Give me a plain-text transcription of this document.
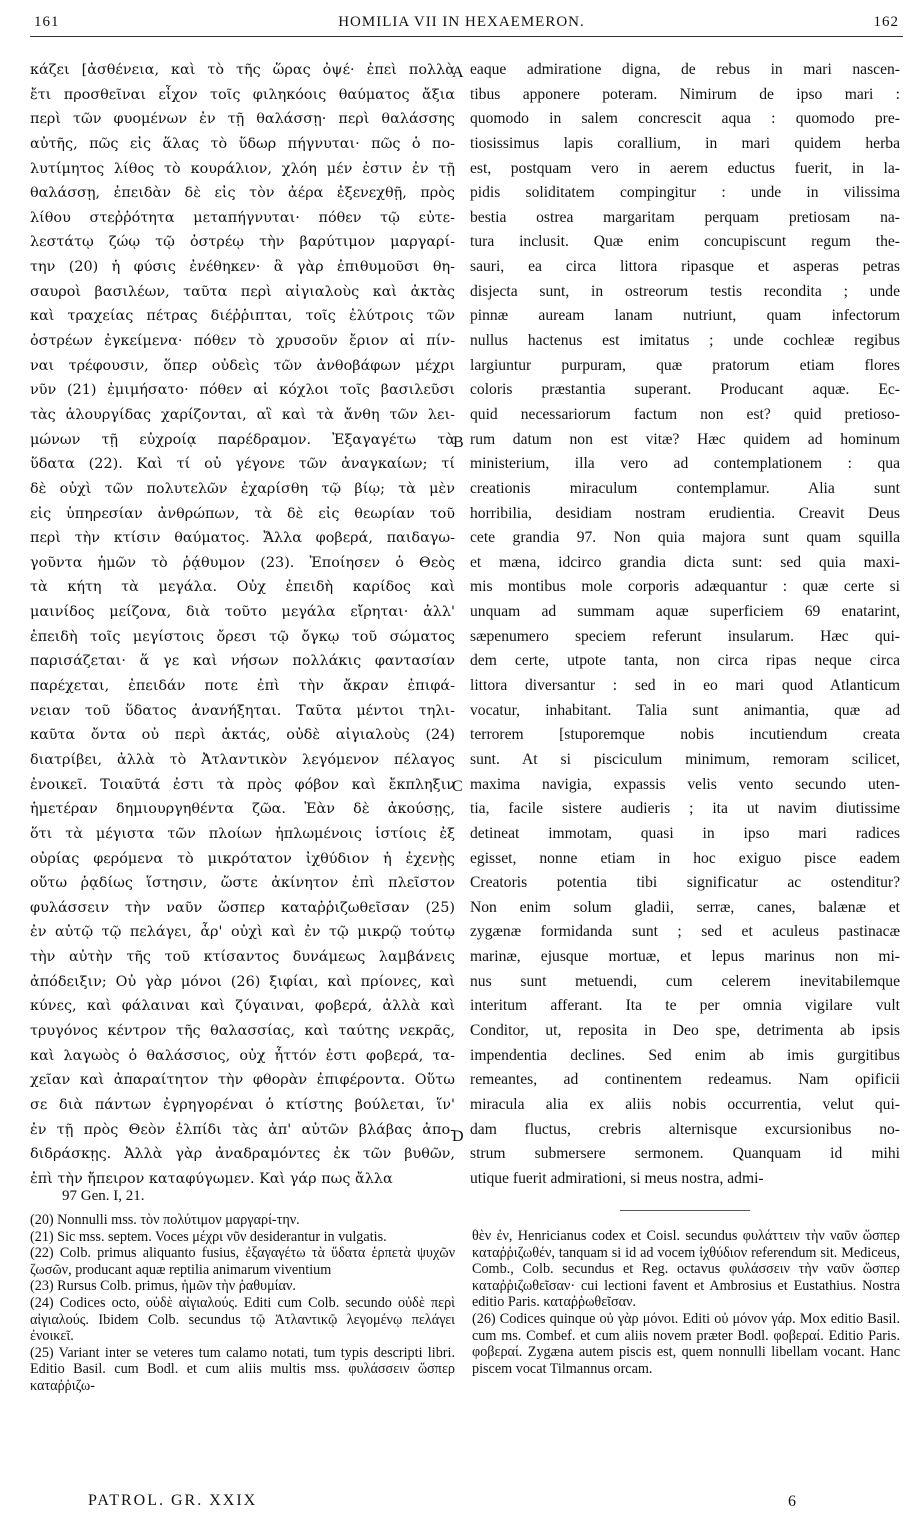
161	HOMILIA VII IN HEXAEMERON.	162
κάζει [ἀσθένεια, καὶ τὸ τῆς ὥρας ὀψέ· ἐπεὶ πολλὰ
ἔτι προσθεῖναι εἶχον τοῖς φιληκόοις θαύματος ἄξια
περὶ τῶν φυομένων ἐν τῇ θαλάσσῃ· περὶ θαλάσσης
αὐτῆς, πῶς εἰς ἅλας τὸ ὕδωρ πήγνυται· πῶς ὁ πο-
λυτίμητος λίθος τὸ κουράλιον, χλόη μέν ἐστιν ἐν τῇ
θαλάσσῃ, ἐπειδὰν δὲ εἰς τὸν ἀέρα ἐξενεχθῇ, πρὸς
λίθου στεῤῥότητα μεταπήγνυται· πόθεν τῷ εὐτε-
λεστάτῳ ζώῳ τῷ ὀστρέῳ τὴν βαρύτιμον μαργαρί-
την (20) ἡ φύσις ἐνέθηκεν· ἃ γὰρ ἐπιθυμοῦσι θη-
σαυροὶ βασιλέων, ταῦτα περὶ αἰγιαλοὺς καὶ ἀκτὰς
καὶ τραχείας πέτρας διέῤῥιπται, τοῖς ἐλύτροις τῶν
ὀστρέων ἐγκείμενα· πόθεν τὸ χρυσοῦν ἔριον αἱ πίν-
ναι τρέφουσιν, ὅπερ οὐδεὶς τῶν ἀνθοβάφων μέχρι
νῦν (21) ἐμιμήσατο· πόθεν αἱ κόχλοι τοῖς βασιλεῦσι
τὰς ἁλουργίδας χαρίζονται, αἳ καὶ τὰ ἄνθη τῶν λει-
μώνων τῇ εὐχροίᾳ παρέδραμον. Ἐξαγαγέτω τὰ
ὕδατα (22). Καὶ τί οὐ γέγονε τῶν ἀναγκαίων; τί
δὲ οὐχὶ τῶν πολυτελῶν ἐχαρίσθη τῷ βίῳ; τὰ μὲν
εἰς ὑπηρεσίαν ἀνθρώπων, τὰ δὲ εἰς θεωρίαν τοῦ
περὶ τὴν κτίσιν θαύματος. Ἄλλα φοβερά, παιδαγω-
γοῦντα ἡμῶν τὸ ῥᾴθυμον (23). Ἐποίησεν ὁ Θεὸς
τὰ κήτη τὰ μεγάλα. Οὐχ ἐπειδὴ καρίδος καὶ
μαινίδος μείζονα, διὰ τοῦτο μεγάλα εἴρηται· ἀλλ'
ἐπειδὴ τοῖς μεγίστοις ὄρεσι τῷ ὄγκῳ τοῦ σώματος
παρισάζεται· ἅ γε καὶ νήσων πολλάκις φαντασίαν
παρέχεται, ἐπειδάν ποτε ἐπὶ τὴν ἄκραν ἐπιφά-
νειαν τοῦ ὕδατος ἀνανήξηται. Ταῦτα μέντοι τηλι-
καῦτα ὄντα οὐ περὶ ἀκτάς, οὐδὲ αἰγιαλοὺς (24)
διατρίβει, ἀλλὰ τὸ Ἀτλαντικὸν λεγόμενον πέλαγος
ἐνοικεῖ. Τοιαῦτά ἐστι τὰ πρὸς φόβον καὶ ἔκπληξιν
ἡμετέραν δημιουργηθέντα ζῶα. Ἐὰν δὲ ἀκούσῃς,
ὅτι τὰ μέγιστα τῶν πλοίων ἡπλωμένοις ἱστίοις ἐξ
οὐρίας φερόμενα τὸ μικρότατον ἰχθύδιον ἡ ἐχενῂς
οὕτω ῥᾳδίως ἵστησιν, ὥστε ἀκίνητον ἐπὶ πλεῖστον
φυλάσσειν τὴν ναῦν ὥσπερ καταῤῥιζωθεῖσαν (25)
ἐν αὐτῷ τῷ πελάγει, ἆρ' οὐχὶ καὶ ἐν τῷ μικρῷ τούτῳ
τὴν αὐτὴν τῆς τοῦ κτίσαντος δυνάμεως λαμβάνεις
ἀπόδειξιν; Οὐ γὰρ μόνοι (26) ξιφίαι, καὶ πρίονες, καὶ
κύνες, καὶ φάλαιναι καὶ ζύγαιναι, φοβερά, ἀλλὰ καὶ
τρυγόνος κέντρον τῆς θαλασσίας, καὶ ταύτης νεκρᾶς,
καὶ λαγωὸς ὁ θαλάσσιος, οὐχ ἧττόν ἐστι φοβερά, τα-
χεῖαν καὶ ἀπαραίτητον τὴν φθορὰν ἐπιφέροντα. Οὕτω
σε διὰ πάντων ἐγρηγορέναι ὁ κτίστης βούλεται, ἵν'
ἐν τῇ πρὸς Θεὸν ἐλπίδι τὰς ἀπ' αὐτῶν βλάβας ἀπο-
διδράσκῃς. Ἀλλὰ γὰρ ἀναδραμόντες ἐκ τῶν βυθῶν,
ἐπὶ τὴν ἤπειρον καταφύγωμεν. Καὶ γάρ πως ἄλλα
eaque admiratione digna, de rebus in mari nascen-
tibus apponere poteram. Nimirum de ipso mari :
quomodo in salem concrescit aqua : quomodo pre-
tiosissimus lapis corallium, in mari quidem herba
est, postquam vero in aerem eductus fuerit, in la-
pidis soliditatem compingitur : unde in vilissima
bestia ostrea margaritam perquam pretiosam na-
tura inclusit. Quæ enim concupiscunt regum the-
sauri, ea circa littora ripasque et asperas petras
disjecta sunt, in ostreorum testis recondita ; unde
pinnæ auream lanam nutriunt, quam infectorum
nullus hactenus est imitatus ; unde cochleæ regibus
largiuntur purpuram, quæ pratorum etiam flores
coloris præstantia superant. Producant aquæ. Ec-
quid necessariorum factum non est? quid pretioso-
rum datum non est vitæ? Hæc quidem ad hominum
ministerium, illa vero ad contemplationem : qua
creationis miraculum contemplamur. Alia sunt
horribilia, desidiam nostram erudientia. Creavit Deus
cete grandia 97. Non quia majora sunt quam squilla
et mæna, idcirco grandia dicta sunt: sed quia maxi-
mis montibus mole corporis adæquantur : quæ certe si
unquam ad summam aquæ superficiem 69 enatarint,
sæpenumero speciem referunt insularum. Hæc qui-
dem certe, utpote tanta, non circa ripas neque circa
littora diversantur : sed in eo mari quod Atlanticum
vocatur, inhabitant. Talia sunt animantia, quæ ad
terrorem [stuporemque nobis incutiendum creata
sunt. At si pisciculum minimum, remoram scilicet,
maxima navigia, expassis velis vento secundo uten-
tia, facile sistere audieris ; ita ut navim diutissime
detineat immotam, quasi in ipso mari radices
egisset, nonne etiam in hoc exiguo pisce eadem
Creatoris potentia tibi significatur ac ostenditur?
Non enim solum gladii, serræ, canes, balænæ et
zygænæ formidanda sunt ; sed et aculeus pastinacæ
marinæ, ejusque mortuæ, et lepus marinus non mi-
nus sunt metuendi, cum celerem inevitabilemque
interitum afferant. Ita te per omnia vigilare vult
Conditor, ut, reposita in Deo spe, detrimenta ab ipsis
impendentia declines. Sed enim ab imis gurgitibus
remeantes, ad continentem redeamus. Nam opificii
miracula alia ex aliis nobis occurrentia, velut qui-
dam fluctus, crebris alternisque excursionibus no-
strum submersere sermonem. Quanquam id mihi
utique fuerit admirationi, si meus nostra, admi-
A
B
C
D
97 Gen. I, 21.

(20) Nonnulli mss. τὸν πολύτιμον μαργαρί-την.

(21) Sic mss. septem. Voces μέχρι νῦν desiderantur in vulgatis.

(22) Colb. primus aliquanto fusius, ἐξαγαγέτω τὰ ὕδατα ἑρπετὰ ψυχῶν ζωσῶν, producant aquæ reptilia animarum viventium

(23) Rursus Colb. primus, ἡμῶν τὴν ῥαθυμίαν.

(24) Codices octo, οὐδὲ αἰγιαλούς. Editi cum Colb. secundo οὐδὲ περὶ αἰγιαλούς. Ibidem Colb. secundus τῷ Ἀτλαντικῷ λεγομένῳ πελάγει ἐνοικεῖ.

(25) Variant inter se veteres tum calamo notati, tum typis descripti libri. Editio Basil. cum Bodl. et cum aliis multis mss. φυλάσσειν ὥσπερ καταῤῥιζω-

θὲν ἐν, Henricianus codex et Coisl. secundus φυλάττειν τὴν ναῦν ὥσπερ καταῤῥιζωθέν, tanquam si id ad vocem ἰχθύδιον referendum sit. Mediceus, Comb., Colb. secundus et Reg. octavus φυλάσσειν τὴν ναῦν ὥσπερ καταῤῥιζωθεῖσαν· cui lectioni favent et Ambrosius et Eustathius. Nostra editio Paris. καταῤῥωθεῖσαν.

(26) Codices quinque οὐ γὰρ μόνοι. Editi οὐ μόνον γάρ. Mox editio Basil. cum ms. Combef. et cum aliis novem præter Bodl. φοβεραί. Editio Paris. φοβεραί. Zygæna autem piscis est, quem nonnulli libellam vocant. Hanc piscem vocat Tilmannus orcam.

PATROL. GR. XXIX	6
